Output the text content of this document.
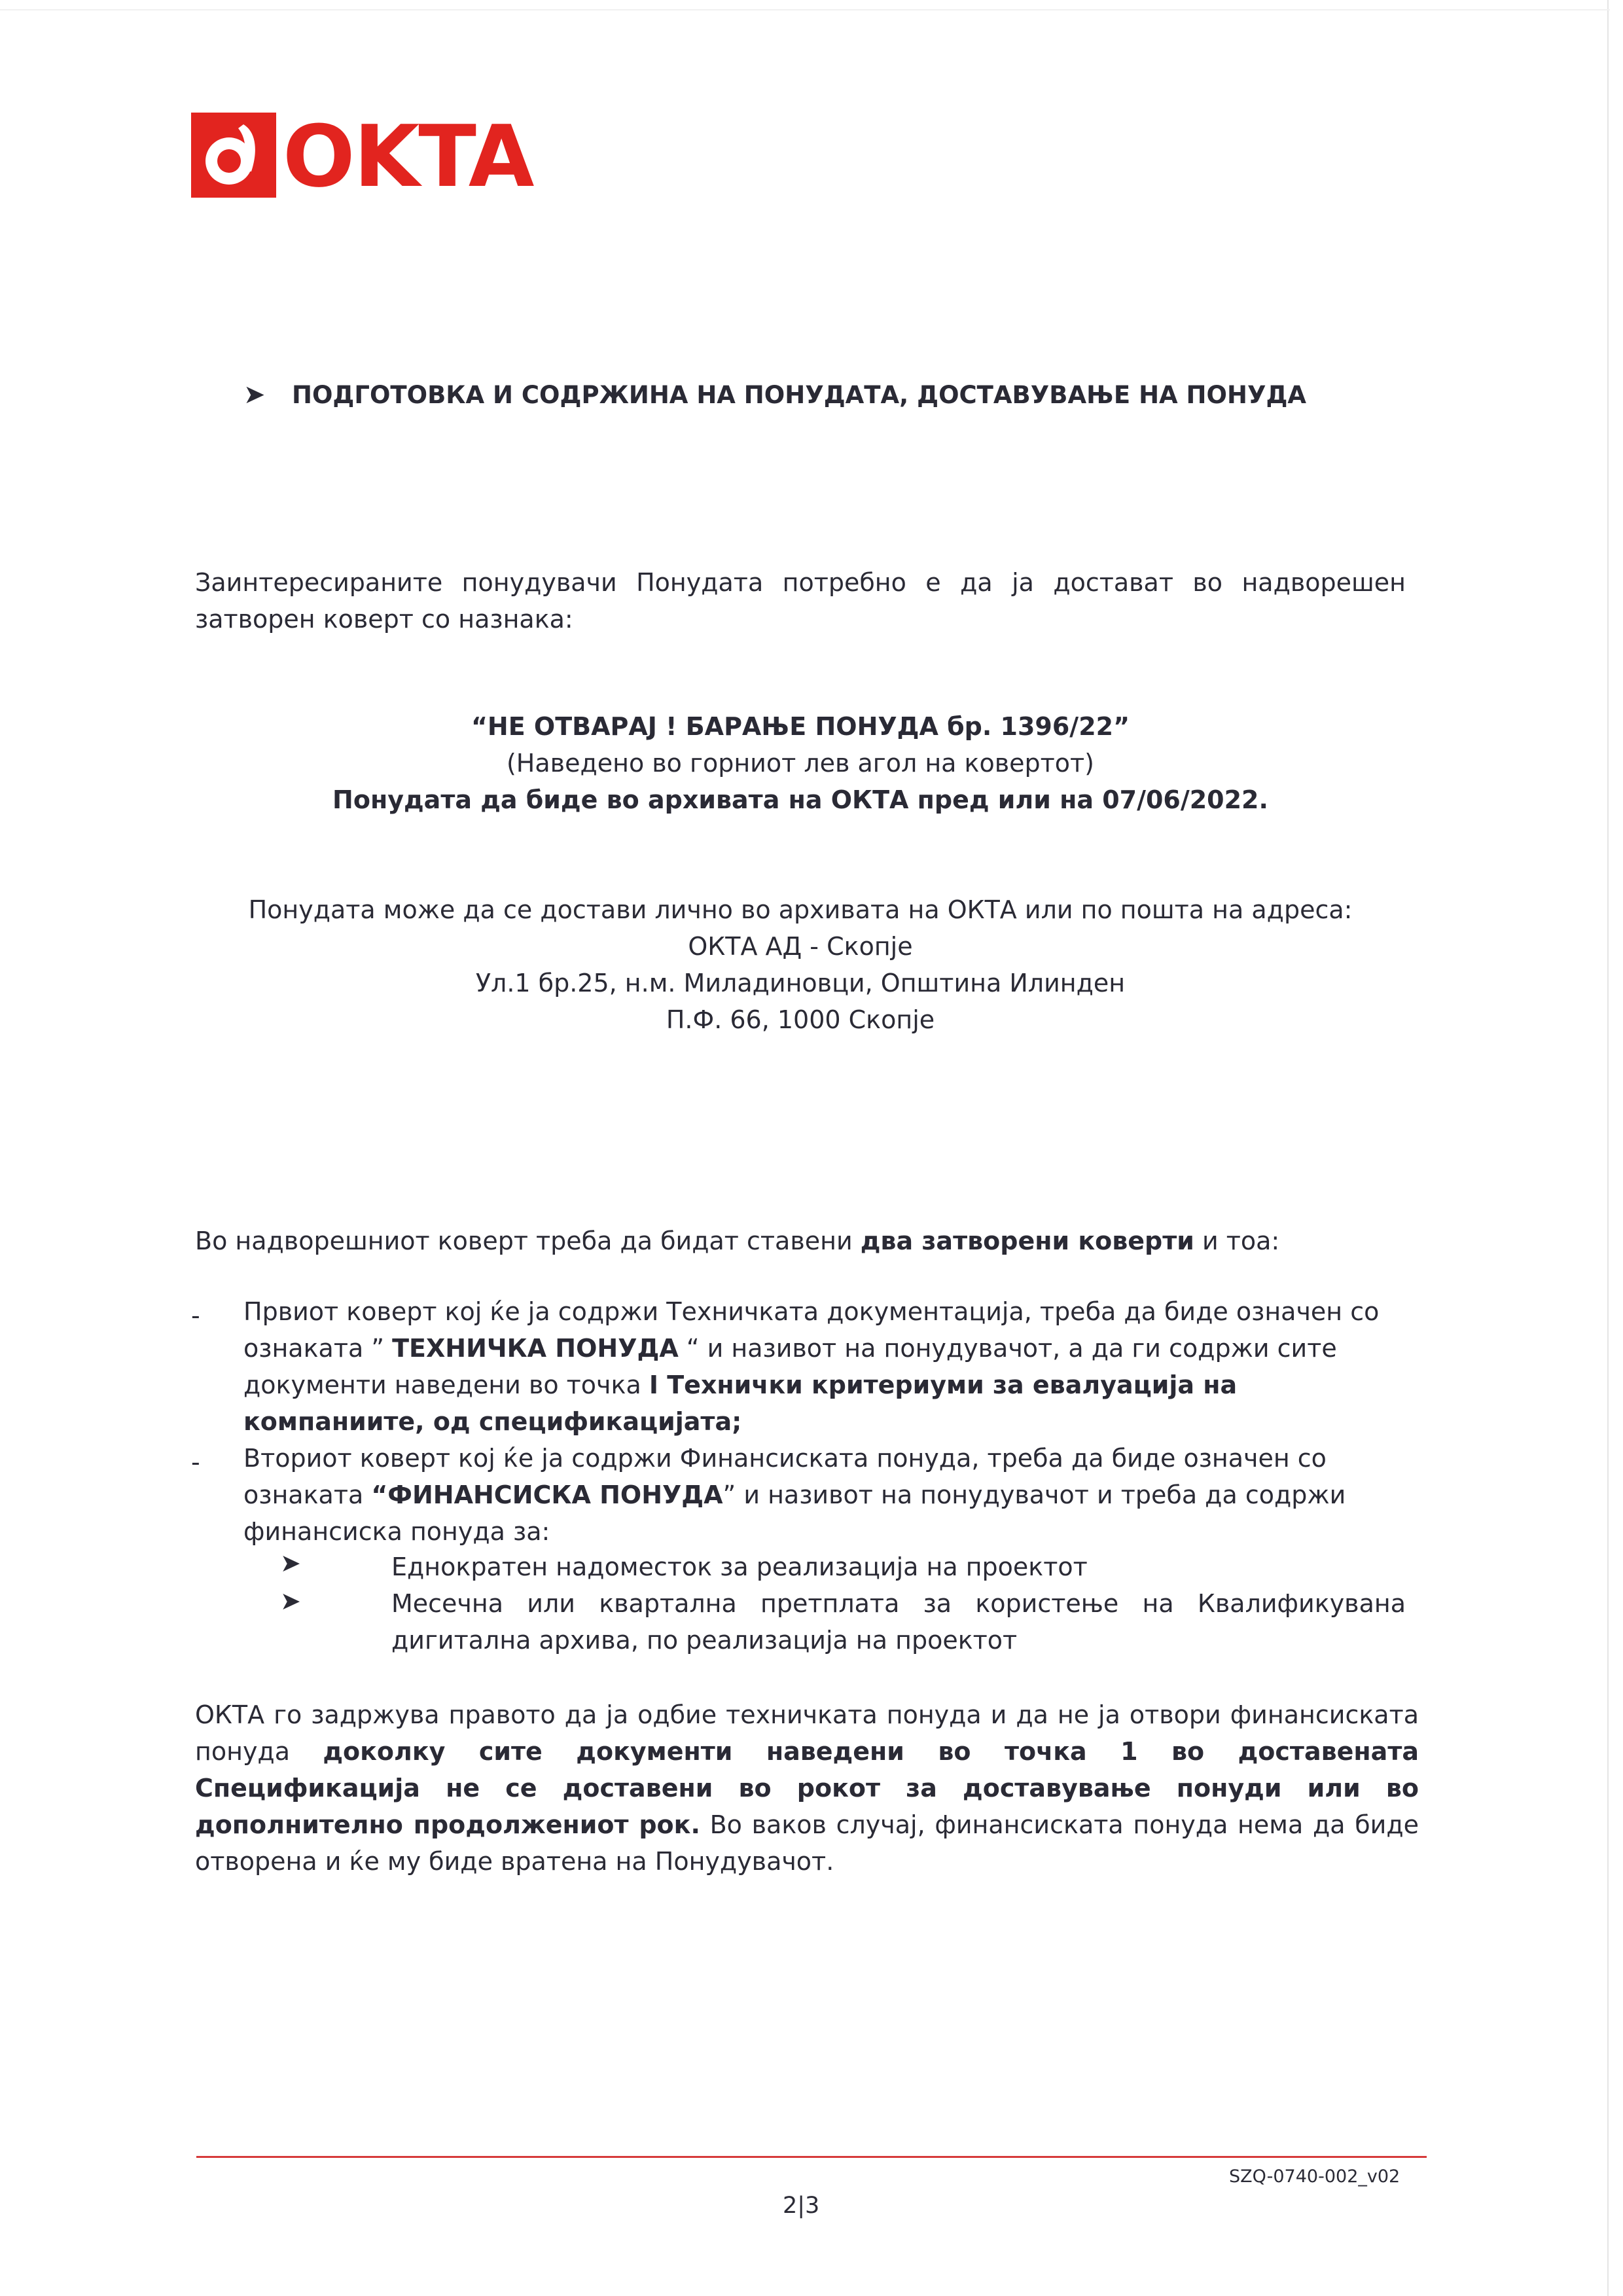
OKTA
➤ ПОДГОТОВКА И СОДРЖИНА НА ПОНУДАТА, ДОСТАВУВАЊЕ НА ПОНУДА
Заинтересираните понудувачи Понудата потребно е да ја достават во надворешен затворен коверт со назнака:
“НЕ ОТВАРАЈ ! БАРАЊЕ ПОНУДА бр. 1396/22”
(Наведено во горниот лев агол на ковертот)
Понудата да биде во архивата на ОКТА пред или на 07/06/2022.
Понудата може да се достави лично во архивата на ОКТА или по пошта на адреса:
ОКТА АД - Скопје
Ул.1 бр.25, н.м. Миладиновци, Општина Илинден
П.Ф. 66, 1000 Скопје
Во надворешниот коверт треба да бидат ставени два затворени коверти и тоа:
- Првиот коверт кој ќе ја содржи Техничката документација, треба да биде означен со ознаката ” ТЕХНИЧКА ПОНУДА “ и називот на понудувачот, а да ги содржи сите документи наведени во точка I Технички критериуми за евалуација на компаниите, од спецификацијата;
- Вториот коверт кој ќе ја содржи Финансиската понуда, треба да биде означен со ознаката “ФИНАНСИСКА ПОНУДА” и називот на понудувачот и треба да содржи финансиска понуда за:
➤	Еднократен надоместок за реализација на проектот
➤	Месечна или квартална претплата за користење на Квалификувана дигитална архива, по реализација на проектот
ОКТА го задржува правото да ја одбие техничката понуда и да не ја отвори финансиската понуда доколку сите документи наведени во точка 1 во доставената Спецификација не се доставени во рокот за доставување понуди или во дополнително продолжениот рок. Во ваков случај, финансиската понуда нема да биде отворена и ќе му биде вратена на Понудувачот.
SZQ-0740-002_v02
2|3
